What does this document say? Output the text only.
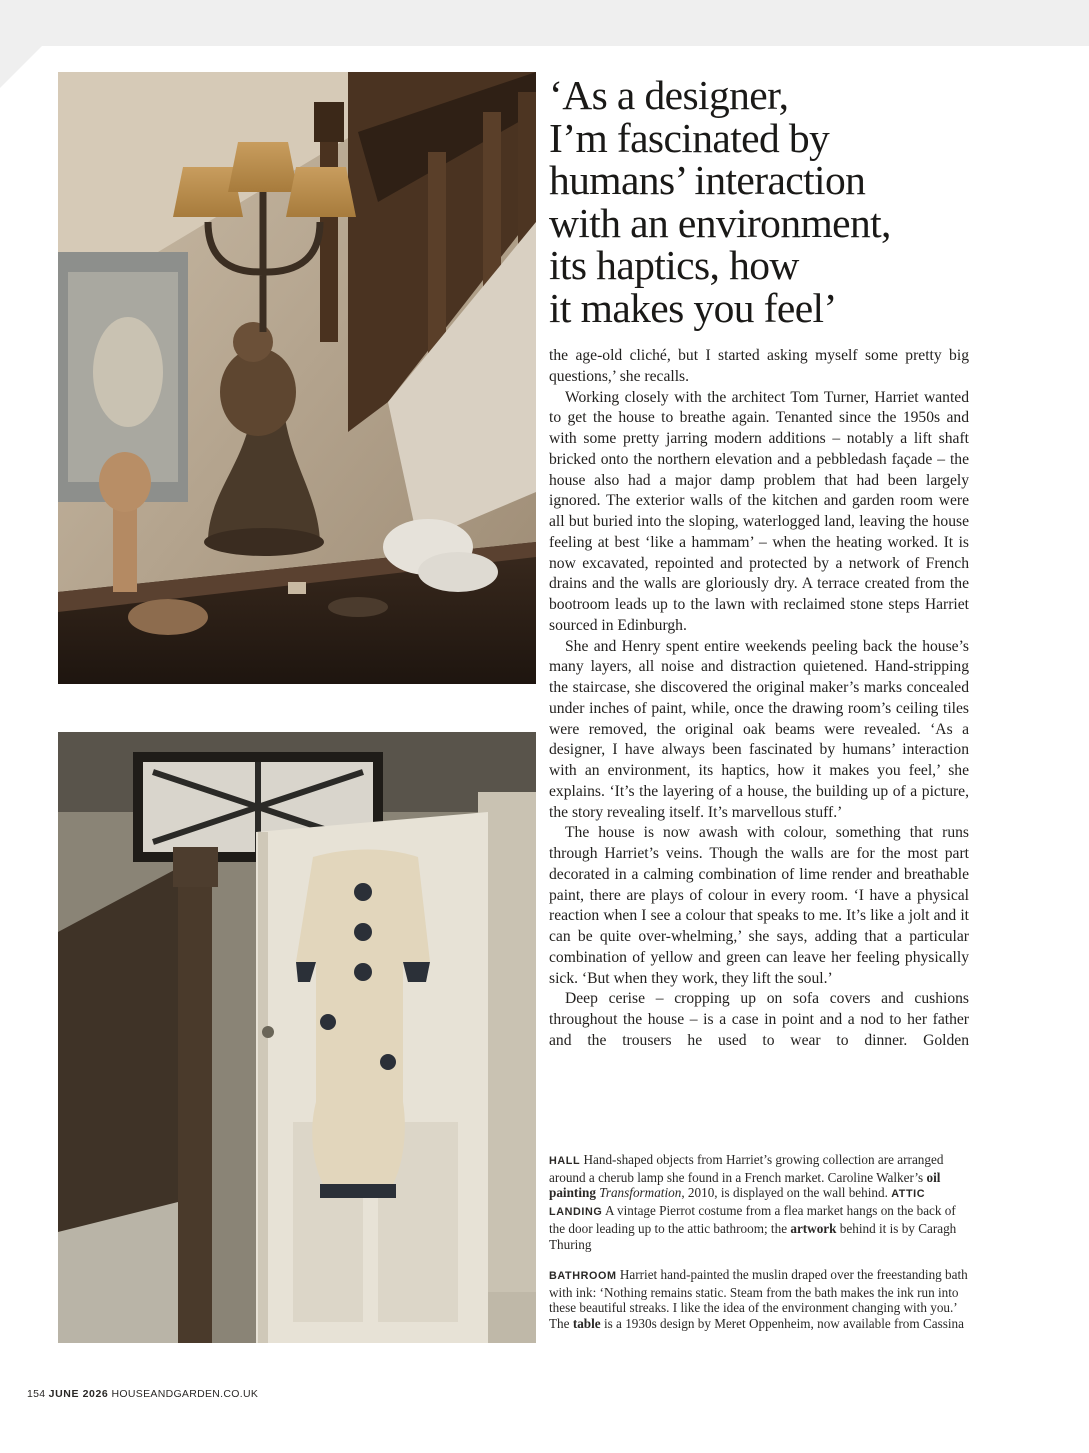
‘As a designer,
I’m fascinated by
humans’ interaction
with an environment,
its haptics, how
it makes you feel’

the age-old cliché, but I started asking myself some pretty big questions,’ she recalls.

Working closely with the architect Tom Turner, Harriet wanted to get the house to breathe again. Tenanted since the 1950s and with some pretty jarring modern additions – notably a lift shaft bricked onto the northern elevation and a pebbledash façade – the house also had a major damp problem that had been largely ignored. The exterior walls of the kitchen and garden room were all but buried into the sloping, waterlogged land, leaving the house feeling at best ‘like a hammam’ – when the heating worked. It is now excavated, repointed and protected by a network of French drains and the walls are gloriously dry. A terrace created from the bootroom leads up to the lawn with reclaimed stone steps Harriet sourced in Edinburgh.

She and Henry spent entire weekends peeling back the house’s many layers, all noise and distraction quietened. Hand-stripping the staircase, she discovered the original maker’s marks concealed under inches of paint, while, once the drawing room’s ceiling tiles were removed, the original oak beams were revealed. ‘As a designer, I have always been fascinated by humans’ interaction with an environment, its haptics, how it makes you feel,’ she explains. ‘It’s the layering of a house, the building up of a picture, the story revealing itself. It’s marvellous stuff.’

The house is now awash with colour, something that runs through Harriet’s veins. Though the walls are for the most part decorated in a calming combination of lime render and breathable paint, there are plays of colour in every room. ‘I have a physical reaction when I see a colour that speaks to me. It’s like a jolt and it can be quite over-whelming,’ she says, adding that a particular combination of yellow and green can leave her feeling physically sick. ‘But when they work, they lift the soul.’

Deep cerise – cropping up on sofa covers and cushions throughout the house – is a case in point and a nod to her father and the trousers he used to wear to dinner. Golden

HALL Hand-shaped objects from Harriet’s growing collection are arranged around a cherub lamp she found in a French market. Caroline Walker’s oil painting Transformation, 2010, is displayed on the wall behind. ATTIC LANDING A vintage Pierrot costume from a flea market hangs on the back of the door leading up to the attic bathroom; the artwork behind it is by Caragh Thuring

BATHROOM Harriet hand-painted the muslin draped over the freestanding bath with ink: ‘Nothing remains static. Steam from the bath makes the ink run into these beautiful streaks. I like the idea of the environment changing with you.’ The table is a 1930s design by Meret Oppenheim, now available from Cassina

154 JUNE 2026 HOUSEANDGARDEN.CO.UK
